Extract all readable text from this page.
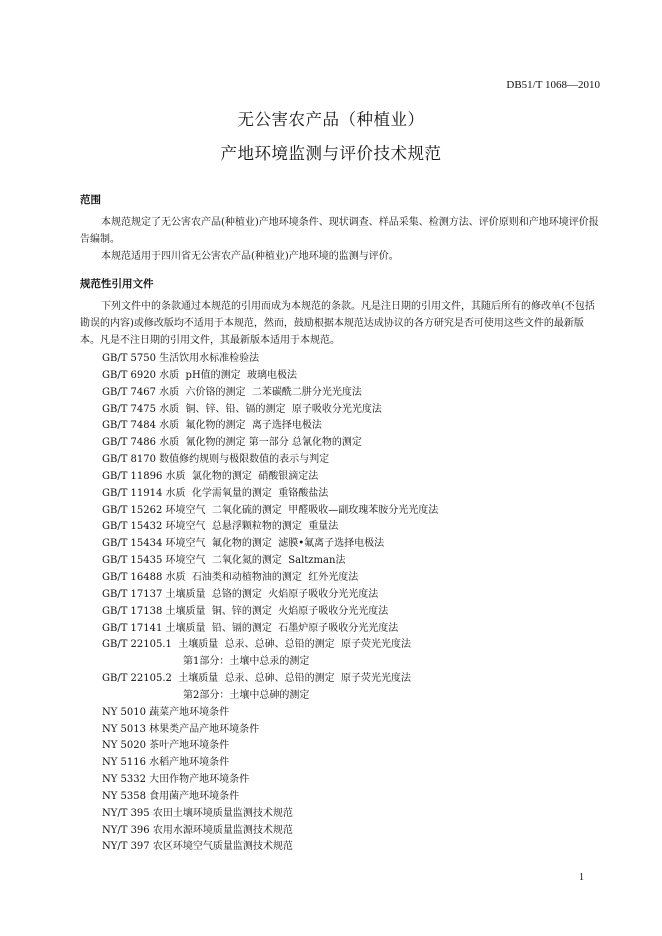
DB51/T 1068—2010
无公害农产品（种植业）
产地环境监测与评价技术规范
范围

本规范规定了无公害农产品(种植业)产地环境条件、现状调查、样品采集、检测方法、评价原则和产地环境评价报告编制。

本规范适用于四川省无公害农产品(种植业)产地环境的监测与评价。

规范性引用文件

下列文件中的条款通过本规范的引用而成为本规范的条款。凡是注日期的引用文件，其随后所有的修改单(不包括勘误的内容)或修改版均不适用于本规范，然而，鼓励根据本规范达成协议的各方研究是否可使用这些文件的最新版本。凡是不注日期的引用文件，其最新版本适用于本规范。

GB/T 5750 生活饮用水标准检验法
GB/T 6920 水质  pH值的测定  玻璃电极法
GB/T 7467 水质  六价铬的测定  二苯碳酰二肼分光光度法
GB/T 7475 水质  铜、锌、铅、镉的测定  原子吸收分光光度法
GB/T 7484 水质  氟化物的测定  离子选择电极法
GB/T 7486 水质  氰化物的测定 第一部分 总氰化物的测定
GB/T 8170 数值修约规则与极限数值的表示与判定
GB/T 11896 水质  氯化物的测定  硝酸银滴定法
GB/T 11914 水质  化学需氧量的测定  重铬酸盐法
GB/T 15262 环境空气  二氧化硫的测定  甲醛吸收—副玫瑰苯胺分光光度法
GB/T 15432 环境空气  总悬浮颗粒物的测定  重量法
GB/T 15434 环境空气  氟化物的测定  滤膜•氟离子选择电极法
GB/T 15435 环境空气  二氧化氮的测定  Saltzman法
GB/T 16488 水质  石油类和动植物油的测定  红外光度法
GB/T 17137 土壤质量  总铬的测定  火焰原子吸收分光光度法
GB/T 17138 土壤质量  铜、锌的测定  火焰原子吸收分光光度法
GB/T 17141 土壤质量  铅、镉的测定  石墨炉原子吸收分光光度法
GB/T 22105.1  土壤质量  总汞、总砷、总铅的测定  原子荧光光度法
第1部分：土壤中总汞的测定
GB/T 22105.2  土壤质量  总汞、总砷、总铅的测定  原子荧光光度法
第2部分：土壤中总砷的测定
NY 5010 蔬菜产地环境条件
NY 5013 林果类产品产地环境条件
NY 5020 茶叶产地环境条件
NY 5116 水稻产地环境条件
NY 5332 大田作物产地环境条件
NY 5358 食用菌产地环境条件
NY/T 395 农田土壤环境质量监测技术规范
NY/T 396 农用水源环境质量监测技术规范
NY/T 397 农区环境空气质量监测技术规范
1
